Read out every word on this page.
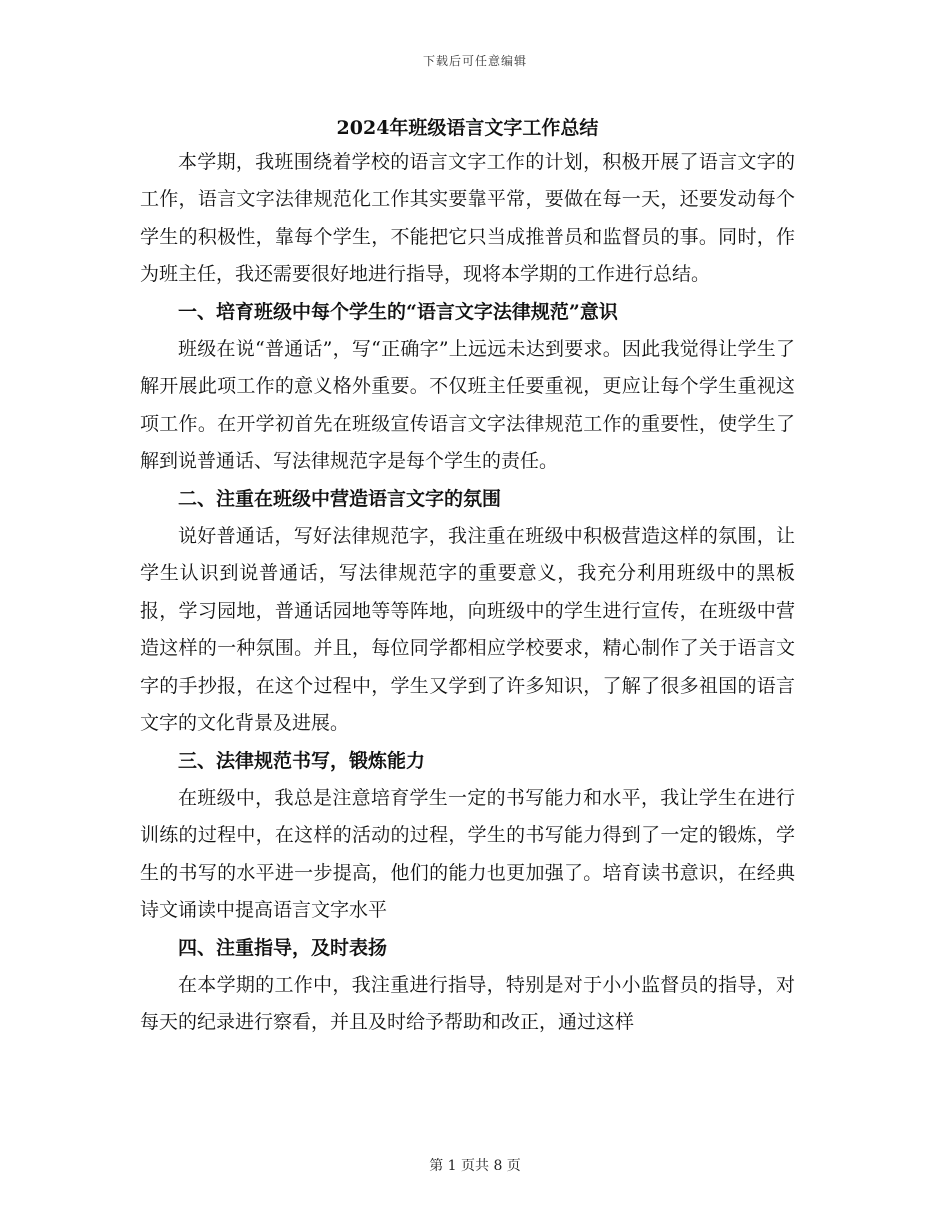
下载后可任意编辑
2024年班级语言文字工作总结

本学期，我班围绕着学校的语言文字工作的计划，积极开展了语言文字的工作，语言文字法律规范化工作其实要靠平常，要做在每一天，还要发动每个学生的积极性，靠每个学生，不能把它只当成推普员和监督员的事。同时，作为班主任，我还需要很好地进行指导，现将本学期的工作进行总结。

一、培育班级中每个学生的“语言文字法律规范”意识

班级在说“普通话”，写“正确字”上远远未达到要求。因此我觉得让学生了解开展此项工作的意义格外重要。不仅班主任要重视，更应让每个学生重视这项工作。在开学初首先在班级宣传语言文字法律规范工作的重要性，使学生了解到说普通话、写法律规范字是每个学生的责任。

二、注重在班级中营造语言文字的氛围

说好普通话，写好法律规范字，我注重在班级中积极营造这样的氛围，让学生认识到说普通话，写法律规范字的重要意义，我充分利用班级中的黑板报，学习园地，普通话园地等等阵地，向班级中的学生进行宣传，在班级中营造这样的一种氛围。并且，每位同学都相应学校要求，精心制作了关于语言文字的手抄报，在这个过程中，学生又学到了许多知识，了解了很多祖国的语言文字的文化背景及进展。

三、法律规范书写，锻炼能力

在班级中，我总是注意培育学生一定的书写能力和水平，我让学生在进行训练的过程中，在这样的活动的过程，学生的书写能力得到了一定的锻炼，学生的书写的水平进一步提高，他们的能力也更加强了。培育读书意识，在经典诗文诵读中提高语言文字水平

四、注重指导，及时表扬

在本学期的工作中，我注重进行指导，特别是对于小小监督员的指导，对每天的纪录进行察看，并且及时给予帮助和改正，通过这样

第 1 页共 8 页
